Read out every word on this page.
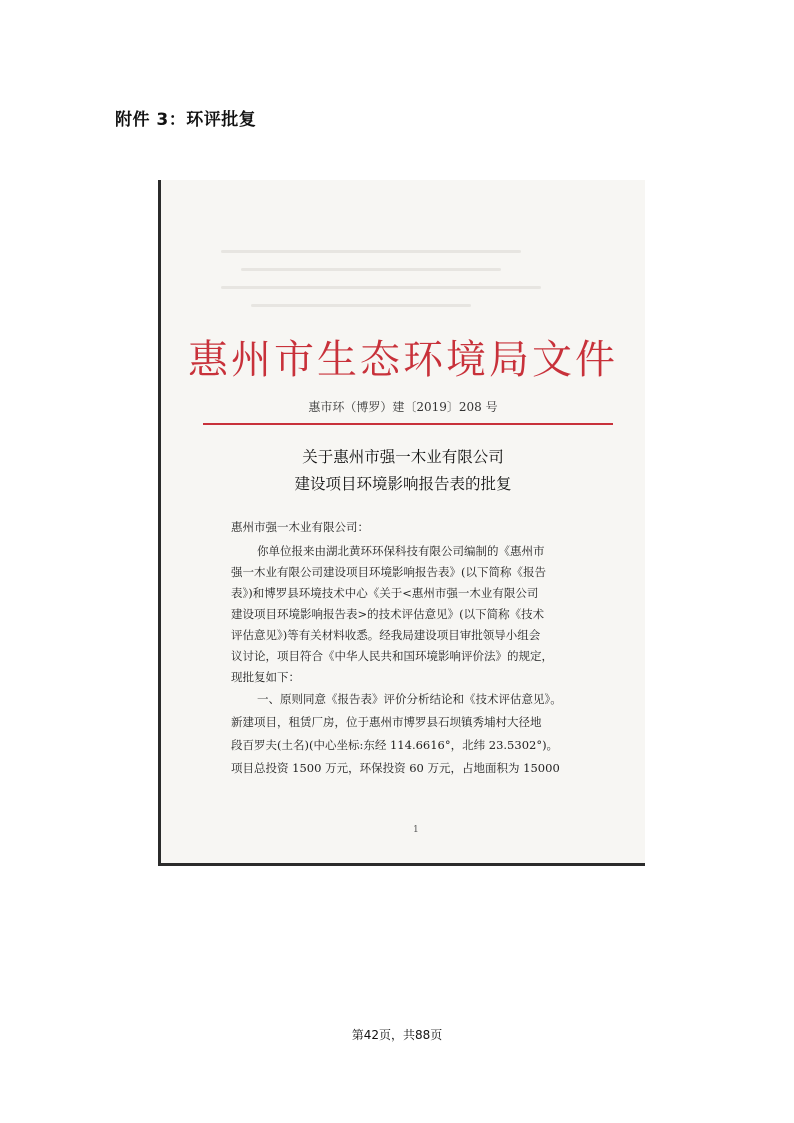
附件 3：环评批复
惠州市生态环境局文件
惠市环（博罗）建〔2019〕208 号
关于惠州市强一木业有限公司
建设项目环境影响报告表的批复
惠州市强一木业有限公司：
你单位报来由湖北黄环环保科技有限公司编制的《惠州市
强一木业有限公司建设项目环境影响报告表》(以下简称《报告
表》)和博罗县环境技术中心《关于<惠州市强一木业有限公司
建设项目环境影响报告表>的技术评估意见》(以下简称《技术
评估意见》)等有关材料收悉。经我局建设项目审批领导小组会
议讨论，项目符合《中华人民共和国环境影响评价法》的规定，
现批复如下：
一、原则同意《报告表》评价分析结论和《技术评估意见》。
新建项目，租赁厂房，位于惠州市博罗县石坝镇秀埔村大径地
段百罗夫(土名)(中心坐标:东经 114.6616°，北纬 23.5302°)。
项目总投资 1500 万元，环保投资 60 万元，占地面积为 15000
1
第42页，共88页
